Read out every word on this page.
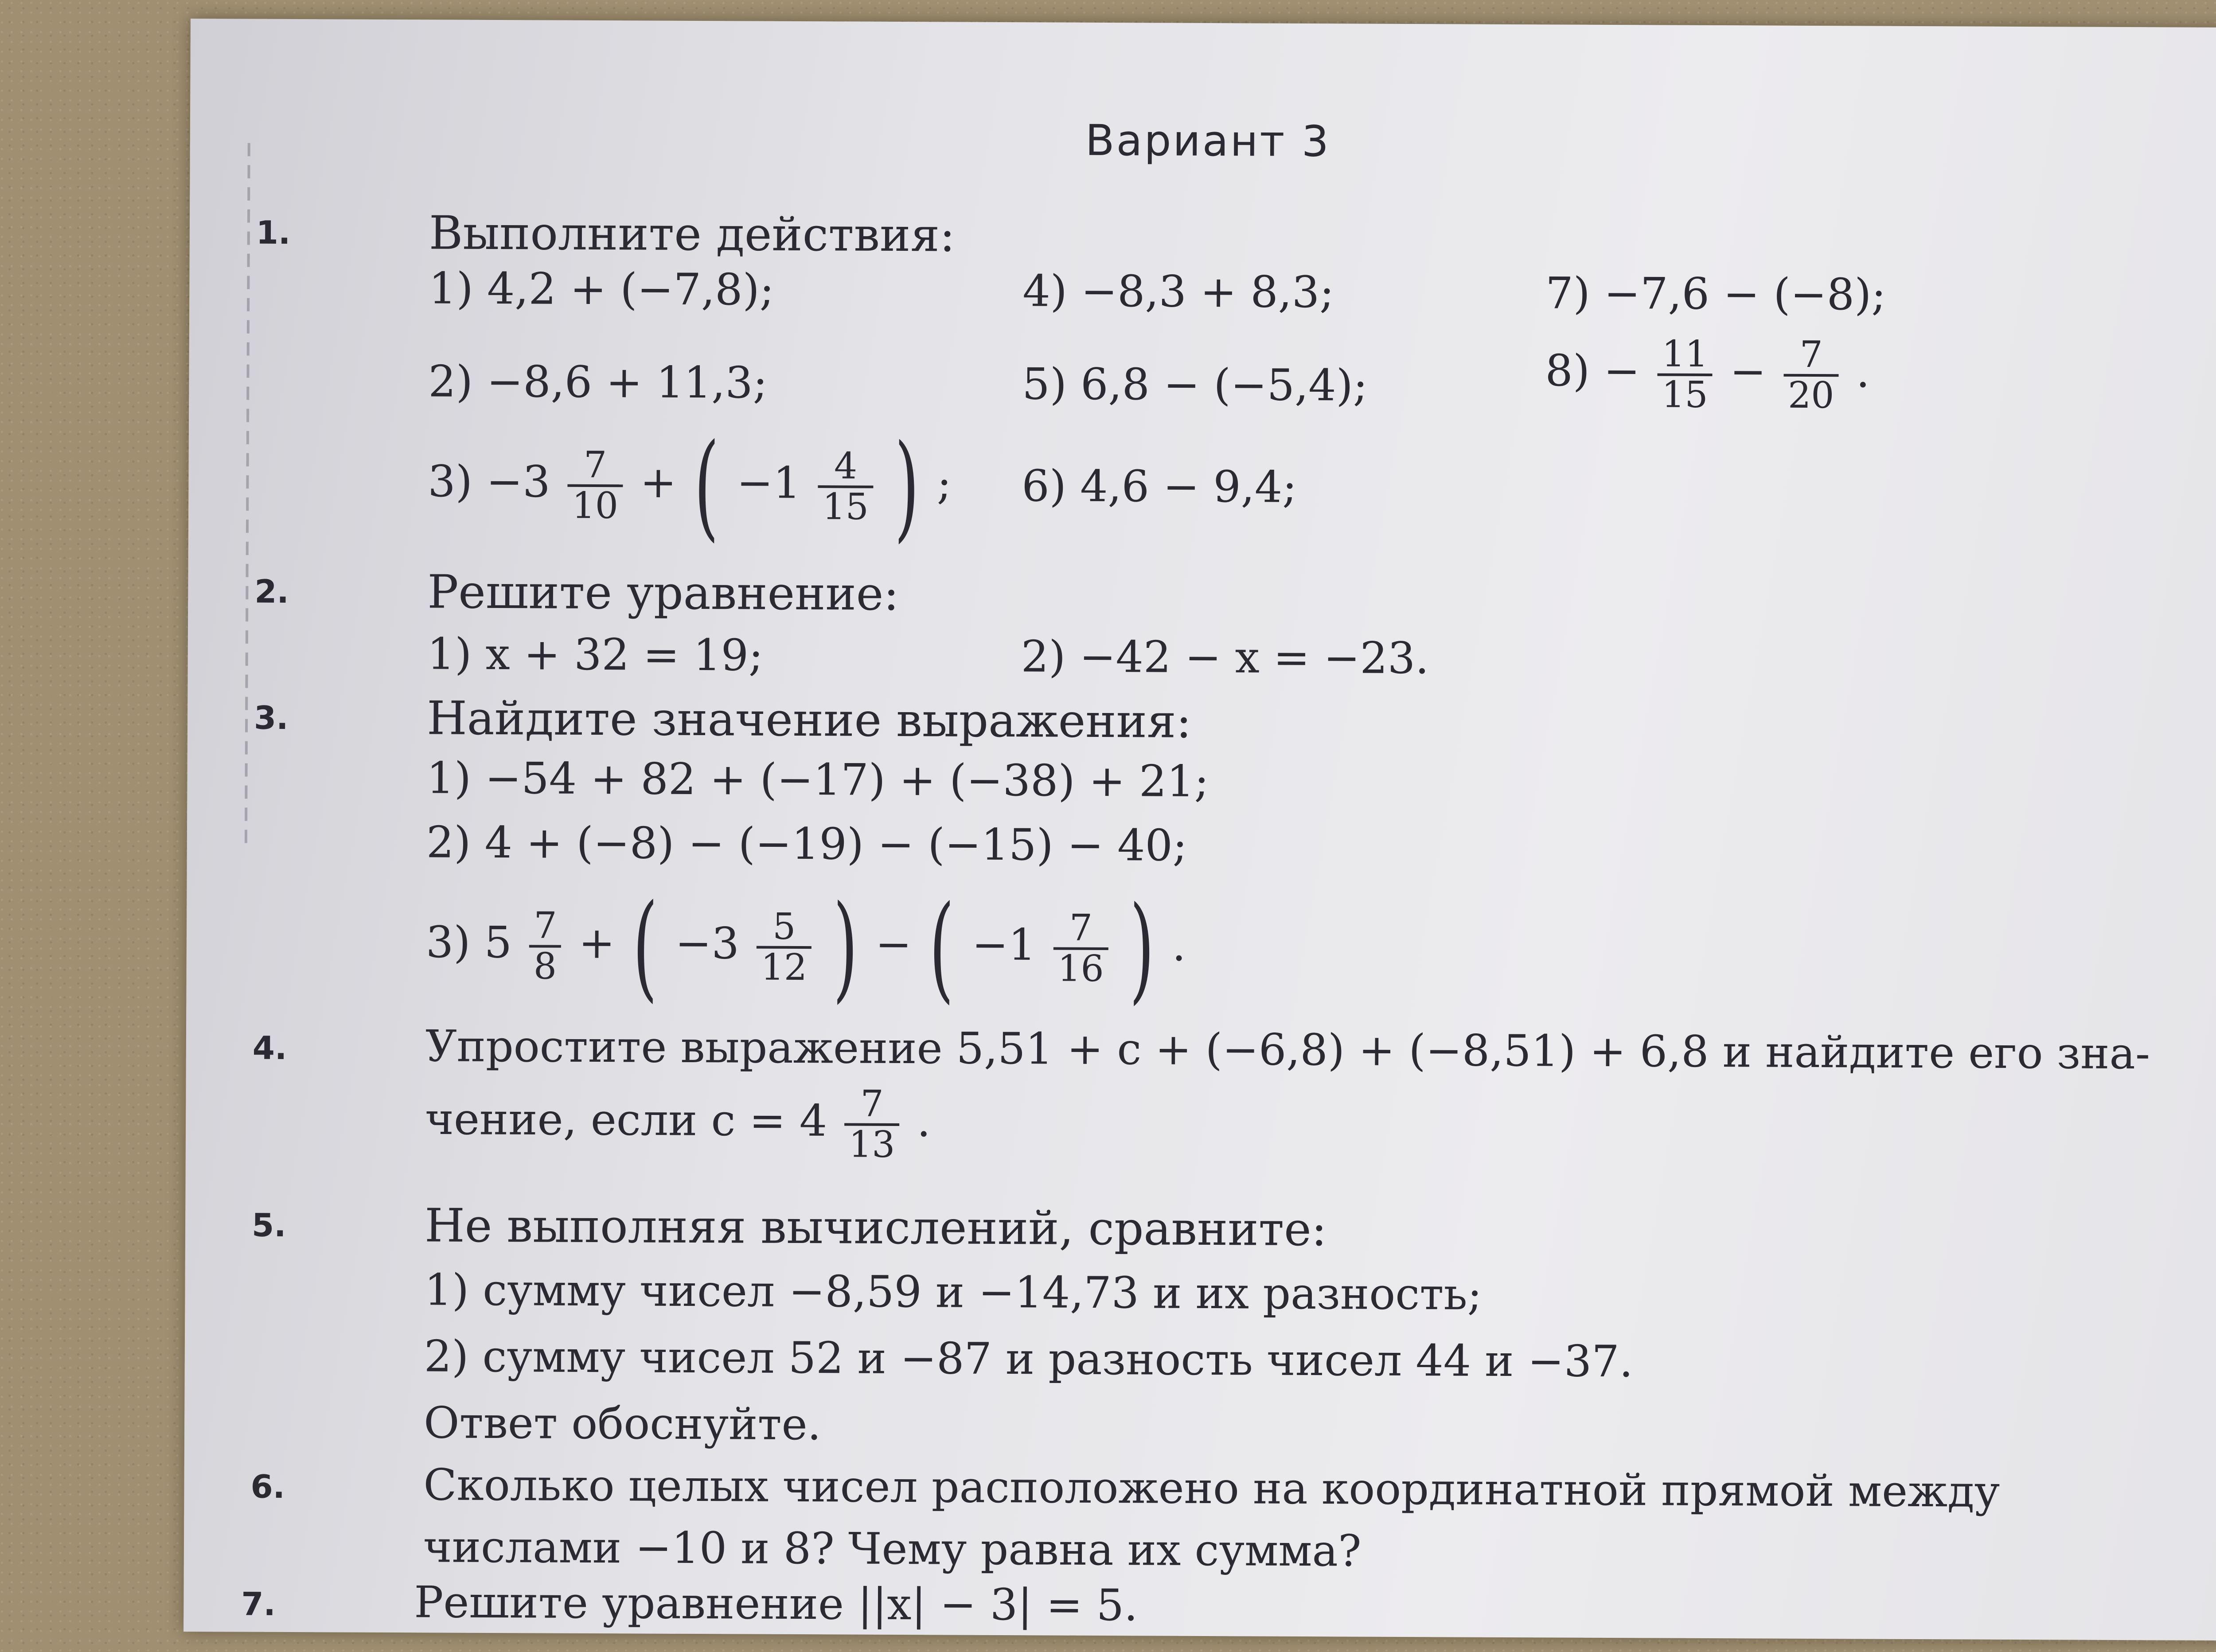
Вариант 3
1.	Выполните действия:
1) 4,2 + (−7,8);	4) −8,3 + 8,3;	7) −7,6 − (−8);
2) −8,6 + 11,3;	5) 6,8 − (−5,4);	$8) - \frac{11}{15} - \frac{7}{20}$ .
$3) -3 \frac{7}{10}$ + ( $-1 \frac{4}{15}$ ) ; 6) 4,6 − 9,4;
2.	Решите уравнение:
1) x + 32 = 19;	2) −42 − x = −23.
3.	Найдите значение выражения:
1) −54 + 82 + (−17) + (−38) + 21;
2) 4 + (−8) − (−19) − (−15) − 40;
3) $5 \frac{7}{8}$ + ( $-3 \frac{5}{12}$ ) − ( $-1 \frac{7}{16}$ ) .
4.	Упростите выражение 5,51 + c + (−6,8) + (−8,51) + 6,8 и найдите его зна-
чение, если $c = 4 \frac{7}{13}$ .
5.	Не выполняя вычислений, сравните:
1) сумму чисел −8,59 и −14,73 и их разность;
2) сумму чисел 52 и −87 и разность чисел 44 и −37.
Ответ обоснуйте.
6.	Сколько целых чисел расположено на координатной прямой между
числами −10 и 8? Чему равна их сумма?
7.	Решите уравнение ||x| − 3| = 5.
